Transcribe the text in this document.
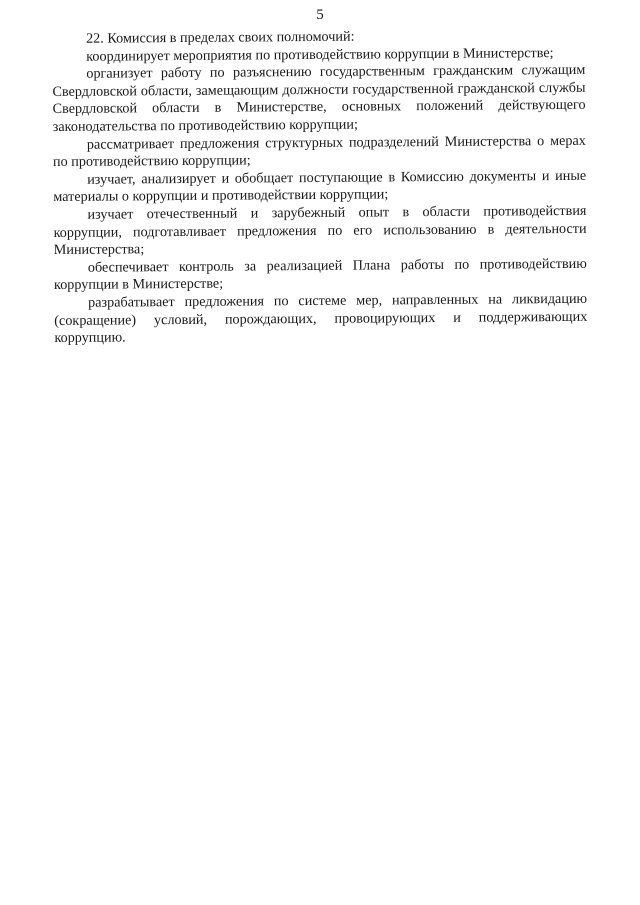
5

22. Комиссия в пределах своих полномочий:

координирует мероприятия по противодействию коррупции в Министерстве;

организует работу по разъяснению государственным гражданским служащим Свердловской области, замещающим должности государственной гражданской службы Свердловской области в Министерстве, основных положений действующего законодательства по противодействию коррупции;

рассматривает предложения структурных подразделений Министерства о мерах по противодействию коррупции;

изучает, анализирует и обобщает поступающие в Комиссию документы и иные материалы о коррупции и противодействии коррупции;

изучает отечественный и зарубежный опыт в области противодействия коррупции, подготавливает предложения по его использованию в деятельности Министерства;

обеспечивает контроль за реализацией Плана работы по противодействию коррупции в Министерстве;

разрабатывает предложения по системе мер, направленных на ликвидацию (сокращение) условий, порождающих, провоцирующих и поддерживающих коррупцию.
